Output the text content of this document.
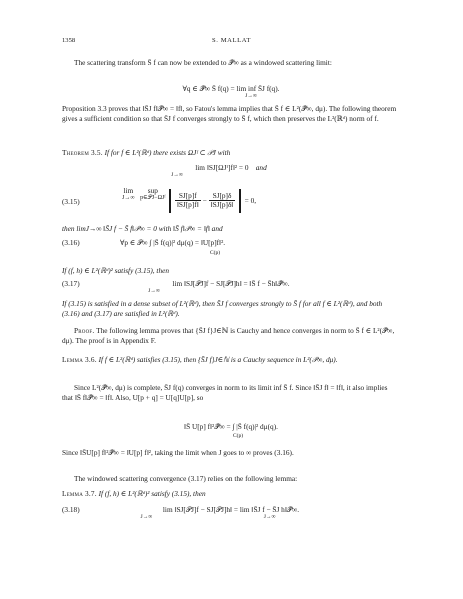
1358	S. MALLAT

The scattering transform S̄ f can now be extended to 𝒫̄∞ as a windowed scattering limit:

∀q ∈ 𝒫̄∞ S̄ f(q) = lim inf S̄J f(q).
J→∞

Proposition 3.3 proves that ‖S̄J f‖𝒫̄∞ = ‖f‖, so Fatou's lemma implies that S̄ f ∈ L²(𝒫̄∞, dμ). The following theorem gives a sufficient condition so that S̄J f converges strongly to S̄ f, which then preserves the L²(ℝᵈ) norm of f.

Theorem 3.5. If for f ∈ L²(ℝᵈ) there exists ΩJᶠ ⊂ 𝒫J with

lim ‖SJ[ΩJᶠ]f‖² = 0 and
J→∞
(3.15)
lim
J→∞
sup
p∈𝒫J−ΩJᶠ
$\frac{SJ[p]f}{‖SJ[p]f‖} - \frac{SJ[p]\delta}{‖SJ[p]\delta‖} = 0$,

then limJ→∞ ‖S̄J f − S̄ f‖𝒫̄∞ = 0 with ‖S̄ f‖𝒫̄∞ = ‖f‖ and

(3.16)	∀p ∈ 𝒫∞ ∫ |S̄ f(q)|² dμ(q) = ‖U[p]f‖².
C(p)

If (f, h) ∈ L²(ℝᵈ)² satisfy (3.15), then

(3.17)	lim ‖SJ[𝒫J]f − SJ[𝒫J]h‖ = ‖S̄ f − S̄h‖𝒫̄∞.
J→∞

If (3.15) is satisfied in a dense subset of L²(ℝᵈ), then S̄J f converges strongly to S̄ f for all f ∈ L²(ℝᵈ), and both (3.16) and (3.17) are satisfied in L²(ℝᵈ).

Proof. The following lemma proves that {S̄J f}J∈ℕ is Cauchy and hence converges in norm to S̄ f ∈ L²(𝒫̄∞, dμ). The proof is in Appendix F.

Lemma 3.6. If f ∈ L²(ℝᵈ) satisfies (3.15), then {S̄J f}J∈ℕ is a Cauchy sequence in L²(𝒫̄∞, dμ).

Since L²(𝒫̄∞, dμ) is complete, S̄J f(q) converges in norm to its limit inf S̄ f. Since ‖S̄J f‖ = ‖f‖, it also implies that ‖S̄ f‖𝒫̄∞ = ‖f‖. Also, U[p + q] = U[q]U[p], so

‖S̄ U[p] f‖²𝒫̄∞ = ∫ |S̄ f(q)|² dμ(q).
C(p)

Since ‖S̄U[p] f‖²𝒫̄∞ = ‖U[p] f‖², taking the limit when J goes to ∞ proves (3.16).

The windowed scattering convergence (3.17) relies on the following lemma:

Lemma 3.7. If (f, h) ∈ L²(ℝᵈ)² satisfy (3.15), then

(3.18)	lim ‖SJ[𝒫J]f − SJ[𝒫J]h‖ = lim ‖S̄J f − S̄J h‖𝒫̄∞.
J→∞ J→∞
